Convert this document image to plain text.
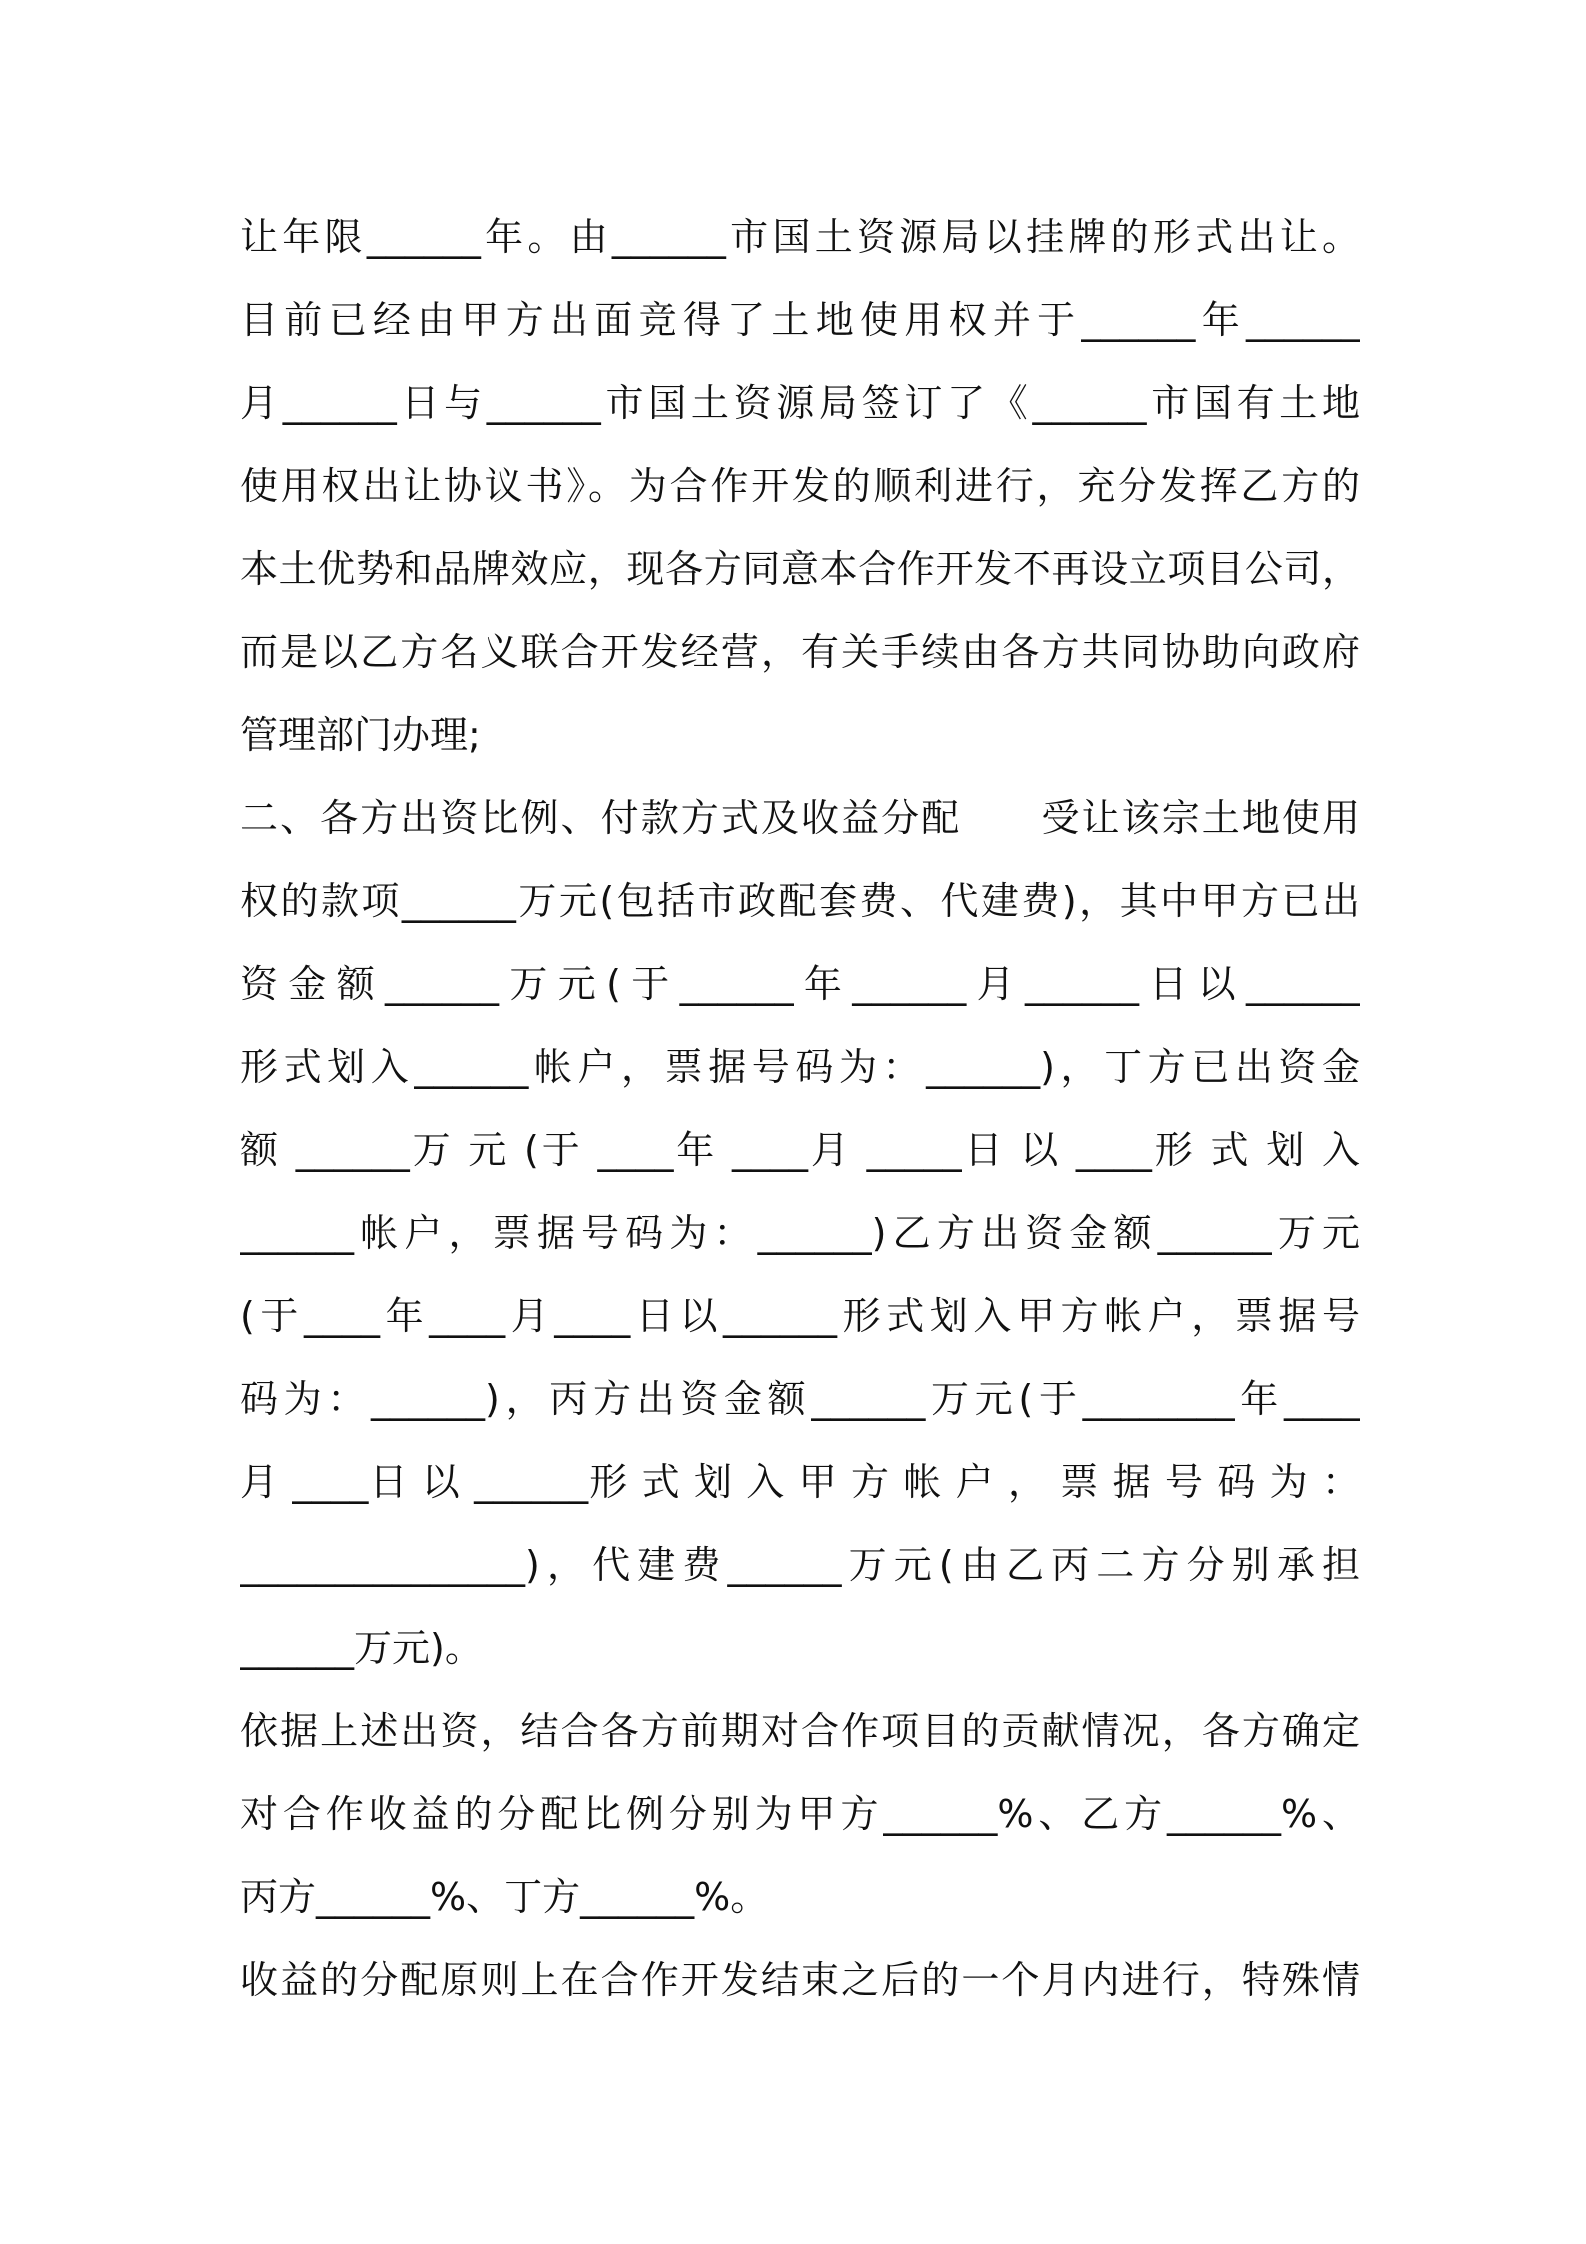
让年限______年。由______市国土资源局以挂牌的形式出让。
目前已经由甲方出面竞得了土地使用权并于______年______
月______日与______市国土资源局签订了《______市国有土地
使用权出让协议书》。为合作开发的顺利进行，充分发挥乙方的
本土优势和品牌效应，现各方同意本合作开发不再设立项目公司，
而是以乙方名义联合开发经营，有关手续由各方共同协助向政府
管理部门办理;
二、各方出资比例、付款方式及收益分配　　受让该宗土地使用
权的款项______万元(包括市政配套费、代建费)，其中甲方已出
资金额______万元(于______年______月______日以______
形式划入______帐户，票据号码为：______)，丁方已出资金
额 ______万 元 (于 ____年 ____月 _____日 以 ____形 式 划 入
______帐户，票据号码为：______)乙方出资金额______万元
(于____年____月____日以______形式划入甲方帐户，票据号
码为：______)，丙方出资金额______万元(于________年____
月 ____日 以 ______形 式 划 入 甲 方 帐 户 ， 票 据 号 码 为 ：
_______________)，代建费______万元(由乙丙二方分别承担
______万元)。
依据上述出资，结合各方前期对合作项目的贡献情况，各方确定
对合作收益的分配比例分别为甲方______%、乙方______%、
丙方______%、丁方______%。
收益的分配原则上在合作开发结束之后的一个月内进行，特殊情
